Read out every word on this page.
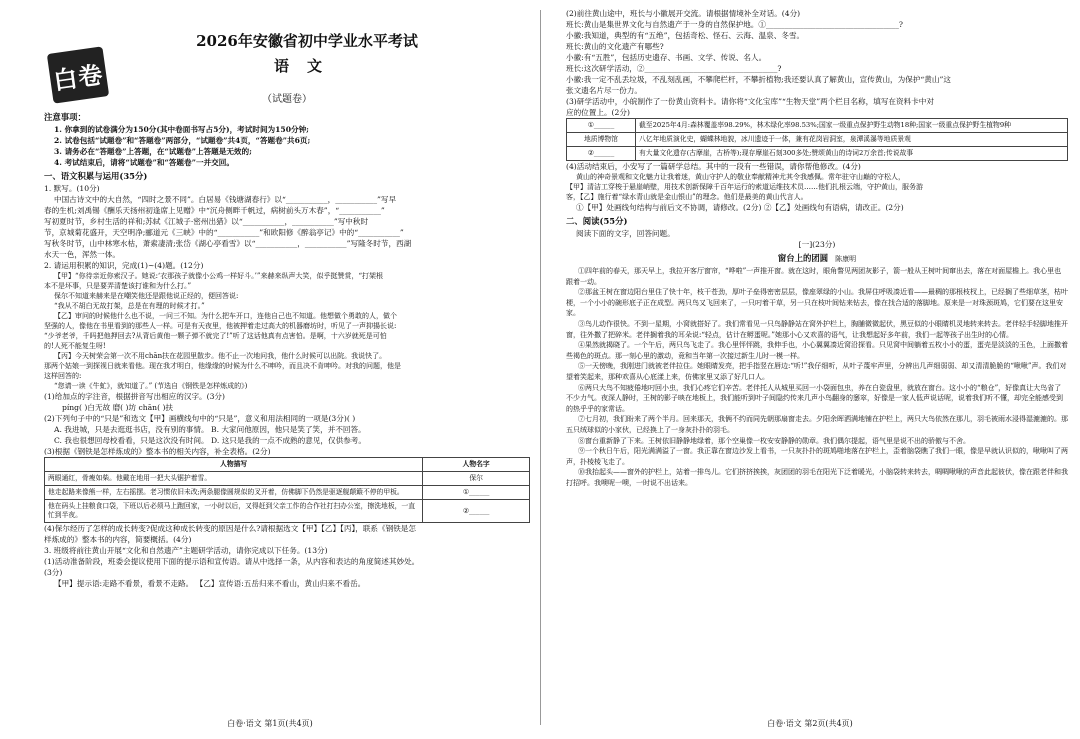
白卷
2026年安徽省初中学业水平考试
语文
（试题卷）
注意事项：
1. 你拿到的试卷满分为150分(其中卷面书写占5分)，考试时间为150分钟;
2. 试卷包括“试题卷”和“答题卷”两部分，“试题卷”共4页，“答题卷”共6页;
3. 请务必在“答题卷”上答题，在“试题卷”上答题是无效的;
4. 考试结束后，请将“试题卷”和“答题卷”一并交回。
一、语文积累与运用(35分)
1. 默写。(10分)
中国古诗文中的大自然，“四时之景不同”。白居易《钱塘湖春行》以“___________，___________”写早
春的生机;刘禹锡《酬乐天扬州初逢席上见赠》中“沉舟侧畔千帆过，病树前头万木春”，“___________”
写初夏时节，乡村生活的祥和;苏轼《江城子·密州出猎》以“___________，___________”写中秋时
节，京城菊花盛开，天空明净;郦道元《三峡》中的“___________”和欧阳修《醉翁亭记》中的“___________”
写秋冬时节，山中林寒水枯，萧索凄清;张岱《湖心亭看雪》以“___________，___________”写隆冬时节，西湖
水天一色，浑然一体。
2. 请运用积累的知识，完成(1)~(4)题。(12分)
【甲】“你待亲近你索汉子。她说:‘衣那孩子就像小公鸡一样好斗。’”来赫来纵声大笑，似乎挺赞赏，“打架根
本不是坏事，只是要弄清楚该打谁和为什么打。”
保尔不知道来赫来是在嘲笑他还是跟他说正经的，便回答说:
“我从不胡白无故打架，总是在有理的时候才打。”
【乙】审问的时候他什么也不说，一问三不知。为什么把车开口，连他自己也不知道。他想做个勇敢的人，做个
坚强的人，像他在书里看到的那些人一样。可是有天夜里，他被押着走过高大的机器磨坊时，听见了一声抑揚长说:
“少爷老爷，千吗把他押回去?从背后黄他一颗子弹不就完了!”听了这话他真有点害怕。是啊，十六岁就死是可怕
的!人死不能复生呀!
【丙】今天树荣会第一次不用chān扶在花园里散步。他不止一次地问我，他什么时候可以出院。我说快了。
那两个姑娘一到探视日就来看他。现在我才明白，他缘缘的时候为什么不呻吟，而且决不肯呻吟。对我的问题，他是
这样回答的:
“您请一读《牛虻》，就知道了。” (节选自《钢铁是怎样炼成的》)
(1)给加点的字注音，根据拼音写出相应的汉字。(3分)
píng( )白无故 磨( )坊 chān( )扶
(2)下列句子中的“只是”和选文【甲】画横线句中的“只是”，意义和用法相同的一项是(3分)( )
A. 我进城，只是去逛逛书店，没有别的事情。 B. 大家问他原因，他只是笑了笑，并不回答。
C. 我也很想回母校看看，只是这次没有时间。 D. 这只是我的一点不成熟的意见，仅供参考。
(3)根据《钢铁是怎样炼成的》整本书的相关内容，补全表格。(2分)
人物描写	人物名字
两眼通红，骨瘦如柴。他戴在地用一把大头锯护着雪。	保尔
他走起路来像熊一样，左右摇摆。老习惯依旧未改;两条腿像圆规似的叉开着，仿佛脚下仍然是驱逐舰颠簸不停的甲板。	①______
他在码头上挂粮食口袋，下班以后必须马上跑回家，一小时以后，又得赶到父亲工作的合作社打扫办公室，擦洗地板，一直忙到半夜。	②______
(4)保尔经历了怎样的成长转变?促成这种成长转变的原因是什么?请根据选文【甲】【乙】【丙】，联系《钢铁是怎
样炼成的》整本书的内容，简要概括。(4分)
3. 班级将前往黄山开展“文化和自然遗产”主题研学活动，请你完成以下任务。(13分)
(1)活动准备阶段，班委会提议使用下面的提示语和宣传语。请从中选择一条，从内容和表达的角度简述其妙处。
(3分)
【甲】提示语:走路不看景，看景不走路。 【乙】宣传语:五岳归来不看山，黄山归来不看岳。
白卷·语文 第1页(共4页)
(2)前往黄山途中，班长与小徽展开交流。请根据情境补全对话。(4分)
班长:黄山是集世界文化与自然遗产于一身的自然保护地。①___________________________________?
小徽:我知道，典型的有“五绝”，包括奇松、怪石、云海、温泉、冬雪。
班长:黄山的文化遗产有哪些?
小徽:有“五胜”，包括历史遗存、书画、文学、传说、名人。
班长:这次研学活动，②___________________________________?
小徽:我一定不乱丢垃圾，不乱刻乱画，不攀爬栏杆，不攀折植物;我还要认真了解黄山，宣传黄山，为保护“黄山”这
张文遗名片尽一份力。
(3)研学活动中，小皖制作了一份黄山资料卡。请你将“文化宝库”“生物天堂”两个栏目名称，填写在资料卡中对
应的位置上。(2分)
①______	截至2025年4月:森林覆盖率98.29%，林木绿化率98.53%;国家一级重点保护野生动物18种;国家一级重点保护野生植物9种
地质博物馆	八亿年地质演化史，蝴蝶林地貌，冰川遗迹于一体，兼有花岗岩洞室，泉潭溪瀑等地质景观
②______	有大量文化遗存(古摩崖，古桥等);现存摩崖石刻300多处;赞颂黄山的诗词2万余首;传说故事
(4)活动结束后，小安写了一篇研学总结。其中的一段有一些错误，请你帮他修改。(4分)
黄山的神奇景观和文化魅力让我着迷，黄山守护人的敬业奉献精神尤其令我感佩。常年驻守山巅的守松人，
【甲】清洁工穿梭于悬崖峭壁，用技术创新保障千百年运行的索道运维技术员……他们扎根云端，守护黄山，服务游
客，【乙】施行着“绿水青山就是金山银山”的理念。他们是最美的黄山代言人。
①【甲】处画线句结构与前后文不协调，请修改。(2分) ②【乙】处画线句有语病，请改正。(2分)
二、阅读(55分)
阅读下面的文字，回答问题。
[一](23分)
窗台上的团圆 陈康明
①四年前的春天，那天早上，我拉开客厅窗帘，“哗啦”一声推开窗。就在这时，眼角瞥见两团灰影子，箭一般从王树叶间窜出去，落在对面屋檐上。我心里也跟着一动。
②那盆王树在窗边阳台里住了快十年，枝干苍劲，厚叶子垒得密密层层，像座翠绿的小山。我屏住呼吸凑近看——最稠的那根枝杈上，已经搁了些细草茎，枯叶梗，一个小小的碗形底子正在成型。两只鸟又飞回来了，一只叼着干草，另一只在枝叶间钻来钻去，像在找合适的落脚地。原来是一对珠颈斑鸠，它们要在这里安家。
③鸟儿动作很快。不到一星期，小窝就搭好了。我们常看见一只鸟静静站在窝外护栏上，胸脯微微起伏，黑豆似的小眼睛机灵地转来转去。老伴轻手轻脚地推开窗，往外撒了把碎米。老伴搁着我的耳朵说:“轻点，估计在孵蛋呢。”她那小心又欢喜的语气，让我想起好多年前，我们一起等孩子出生时的心情。
④果然就揭晓了。一个午后，两只鸟飞走了。我心里怦怦跳，我伸手也，小心翼翼凑近窝沿探看。只见窝中间躺着五枚小小的蛋，蛋壳是淡淡的玉色，上面撒着些褐色的斑点。那一刻心里的激动，竟和当年第一次接过新生儿时一模一样。
⑤一天傍晚，我刚进门就被老伴拉住。她眼睛发亮，把手指竖在唇边:“听!”我仔细听，从叶子蔑牢声里，分辨出几声细弱弱、却又清清脆脆的“啾啾”声。我们对望着笑起来，那种欢喜从心底漾上来，仿佛家里又添了好几口人。
⑥两只大鸟不知疲倦地叼回小虫，我们心疼它们辛苦。老伴托人从城里买回一小袋面包虫，养在白瓷盘里，就放在窗台。这小小的“粮仓”，好像真让大鸟省了不少力气。夜深人静时，王树的影子映在地板上，我们能听到叶子间隐约传来几声小鸟翻身的窸窣，好像是一家人低声说话呢，说着我们听不懂，却完全能感受到的热乎乎的家常话。
⑦七月初，我们盼来了两个半月。回来那天，我俩不约而同先朝那扇窗走去。夕阳余晖洒满地铺在护栏上，两只大鸟依然在那儿，羽毛被雨水浸得湿漉漉的。那五只绒球似的小家伙，已经换上了一身灰扑扑的羽毛。
⑧窗台重新静了下来。王树依旧静静地绿着，那个空巢像一枚安安静静的勋章。我们偶尔提起，语气里是说不出的骄傲与不舍。
⑨一个秋日午后，阳光满满溢了一窗。我正靠在窗边沙发上看书，一只灰扑扑的斑鸠啪地落在护栏上，歪着脑袋瞧了我们一眼，像是早就认识似的，啾啾叫了两声，扑棱棱飞走了。
⑩我抬起头——窗外的护栏上，站着一排鸟儿。它们挤挤挨挨，灰团团的羽毛在阳光下泛着暖光，小脑袋转来转去，啁啁啾啾的声音此起彼伏，像在跟老伴和我打招呼。我噢呢一噢，一时说不出话来。
白卷·语文 第2页(共4页)
